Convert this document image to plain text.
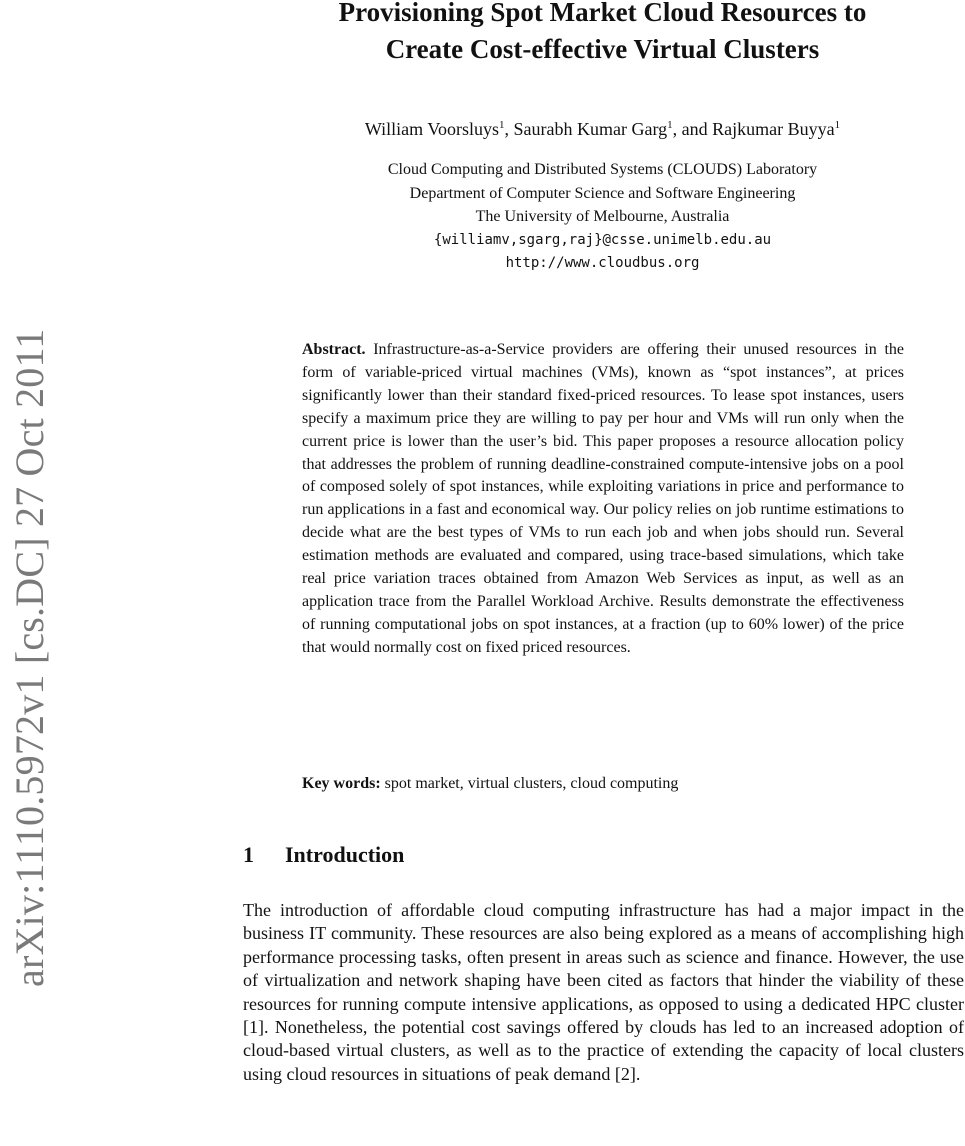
arXiv:1110.5972v1 [cs.DC] 27 Oct 2011
Provisioning Spot Market Cloud Resources to
Create Cost-effective Virtual Clusters
William Voorsluys$^1$, Saurabh Kumar Garg$^1$, and Rajkumar Buyya$^1$
Cloud Computing and Distributed Systems (CLOUDS) Laboratory
Department of Computer Science and Software Engineering
The University of Melbourne, Australia
{williamv,sgarg,raj}@csse.unimelb.edu.au
http://www.cloudbus.org

Abstract. Infrastructure-as-a-Service providers are offering their unused resources in the form of variable-priced virtual machines (VMs), known as “spot instances”, at prices significantly lower than their standard fixed-priced resources. To lease spot instances, users specify a maximum price they are willing to pay per hour and VMs will run only when the current price is lower than the user’s bid. This paper proposes a resource allocation policy that addresses the problem of running deadline-constrained compute-intensive jobs on a pool of composed solely of spot instances, while exploiting variations in price and performance to run applications in a fast and economical way. Our policy relies on job runtime estimations to decide what are the best types of VMs to run each job and when jobs should run. Several estimation methods are evaluated and compared, using trace-based simulations, which take real price variation traces obtained from Amazon Web Services as input, as well as an application trace from the Parallel Workload Archive. Results demonstrate the effectiveness of running computational jobs on spot instances, at a fraction (up to 60% lower) of the price that would normally cost on fixed priced resources.

Key words: spot market, virtual clusters, cloud computing

1 Introduction

The introduction of affordable cloud computing infrastructure has had a major impact in the business IT community. These resources are also being explored as a means of accomplishing high performance processing tasks, often present in areas such as science and finance. However, the use of virtualization and network shaping have been cited as factors that hinder the viability of these resources for running compute intensive applications, as opposed to using a dedicated HPC cluster [1]. Nonetheless, the potential cost savings offered by clouds has led to an increased adoption of cloud-based virtual clusters, as well as to the practice of extending the capacity of local clusters using cloud resources in situations of peak demand [2].
